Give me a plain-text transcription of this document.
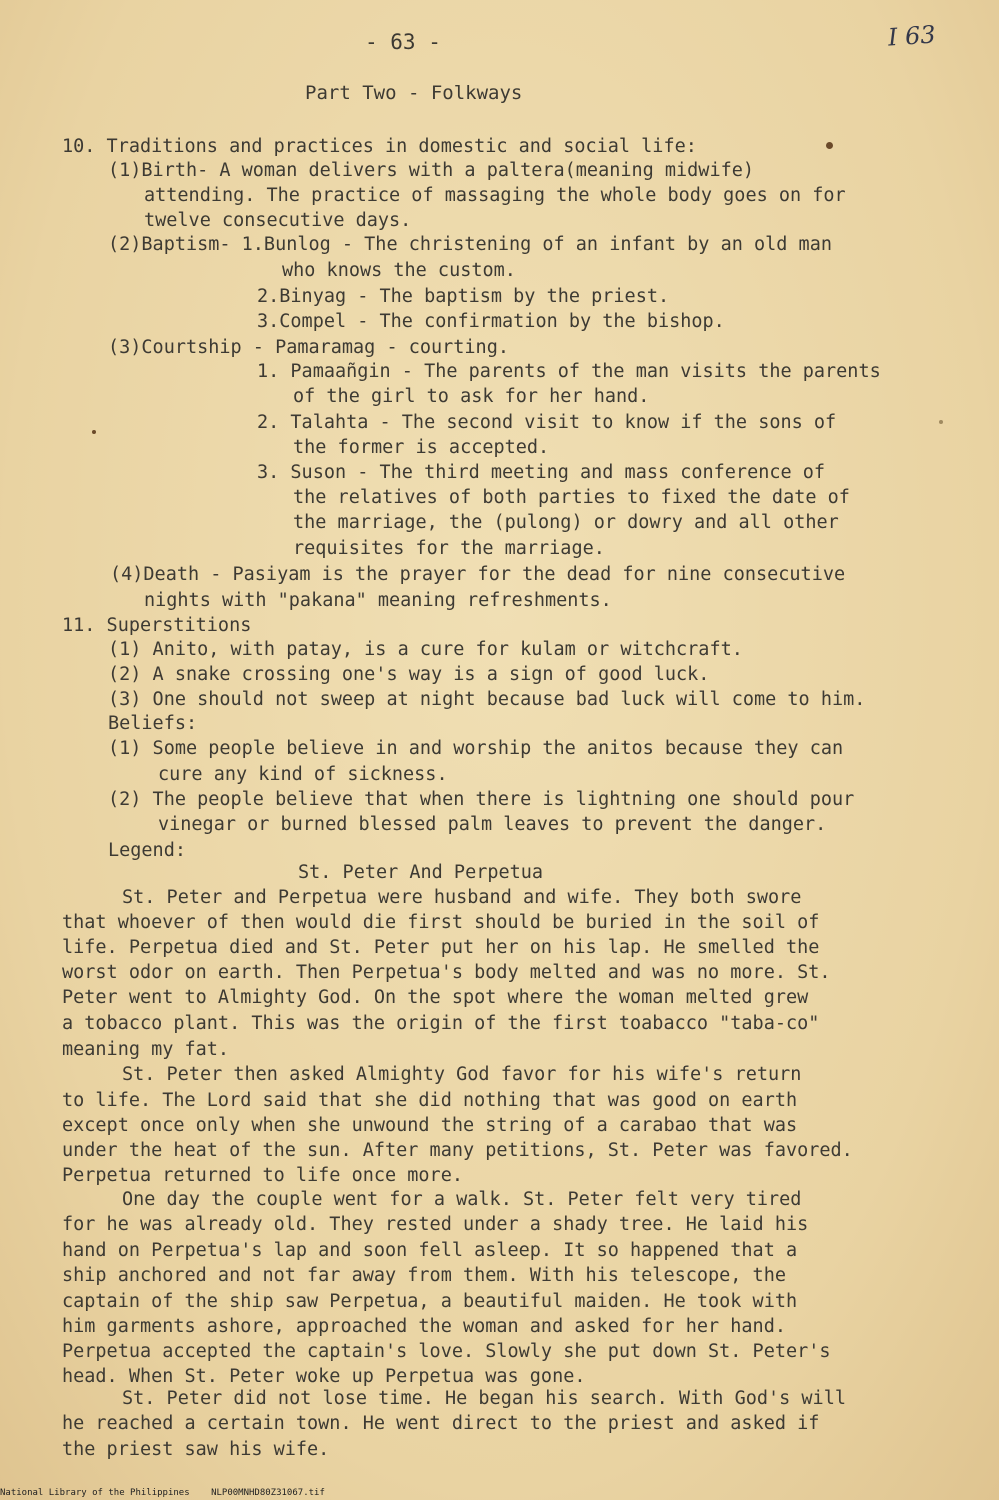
- 63 -	I 63
Part Two - Folkways
10. Traditions and practices in domestic and social life:
(1)Birth- A woman delivers with a paltera(meaning midwife)
attending. The practice of massaging the whole body goes on for
twelve consecutive days.
(2)Baptism- 1.Bunlog - The christening of an infant by an old man
who knows the custom.
2.Binyag - The baptism by the priest.
3.Compel - The confirmation by the bishop.
(3)Courtship - Pamaramag - courting.
1. Pamaañgin - The parents of the man visits the parents
of the girl to ask for her hand.
2. Talahta - The second visit to know if the sons of
the former is accepted.
3. Suson - The third meeting and mass conference of
the relatives of both parties to fixed the date of
the marriage, the (pulong) or dowry and all other
requisites for the marriage.
(4)Death - Pasiyam is the prayer for the dead for nine consecutive
nights with "pakana" meaning refreshments.
11. Superstitions
(1) Anito, with patay, is a cure for kulam or witchcraft.
(2) A snake crossing one's way is a sign of good luck.
(3) One should not sweep at night because bad luck will come to him.
Beliefs:
(1) Some people believe in and worship the anitos because they can
cure any kind of sickness.
(2) The people believe that when there is lightning one should pour
vinegar or burned blessed palm leaves to prevent the danger.
Legend:
St. Peter And Perpetua
St. Peter and Perpetua were husband and wife. They both swore
that whoever of then would die first should be buried in the soil of
life. Perpetua died and St. Peter put her on his lap. He smelled the
worst odor on earth. Then Perpetua's body melted and was no more. St.
Peter went to Almighty God. On the spot where the woman melted grew
a tobacco plant. This was the origin of the first toabacco "taba-co"
meaning my fat.
St. Peter then asked Almighty God favor for his wife's return
to life. The Lord said that she did nothing that was good on earth
except once only when she unwound the string of a carabao that was
under the heat of the sun. After many petitions, St. Peter was favored.
Perpetua returned to life once more.
One day the couple went for a walk. St. Peter felt very tired
for he was already old. They rested under a shady tree. He laid his
hand on Perpetua's lap and soon fell asleep. It so happened that a
ship anchored and not far away from them. With his telescope, the
captain of the ship saw Perpetua, a beautiful maiden. He took with
him garments ashore, approached the woman and asked for her hand.
Perpetua accepted the captain's love. Slowly she put down St. Peter's
head. When St. Peter woke up Perpetua was gone.
St. Peter did not lose time. He began his search. With God's will
he reached a certain town. He went direct to the priest and asked if
the priest saw his wife.
National Library of the Philippines NLP00MNHD80Z31067.tif
